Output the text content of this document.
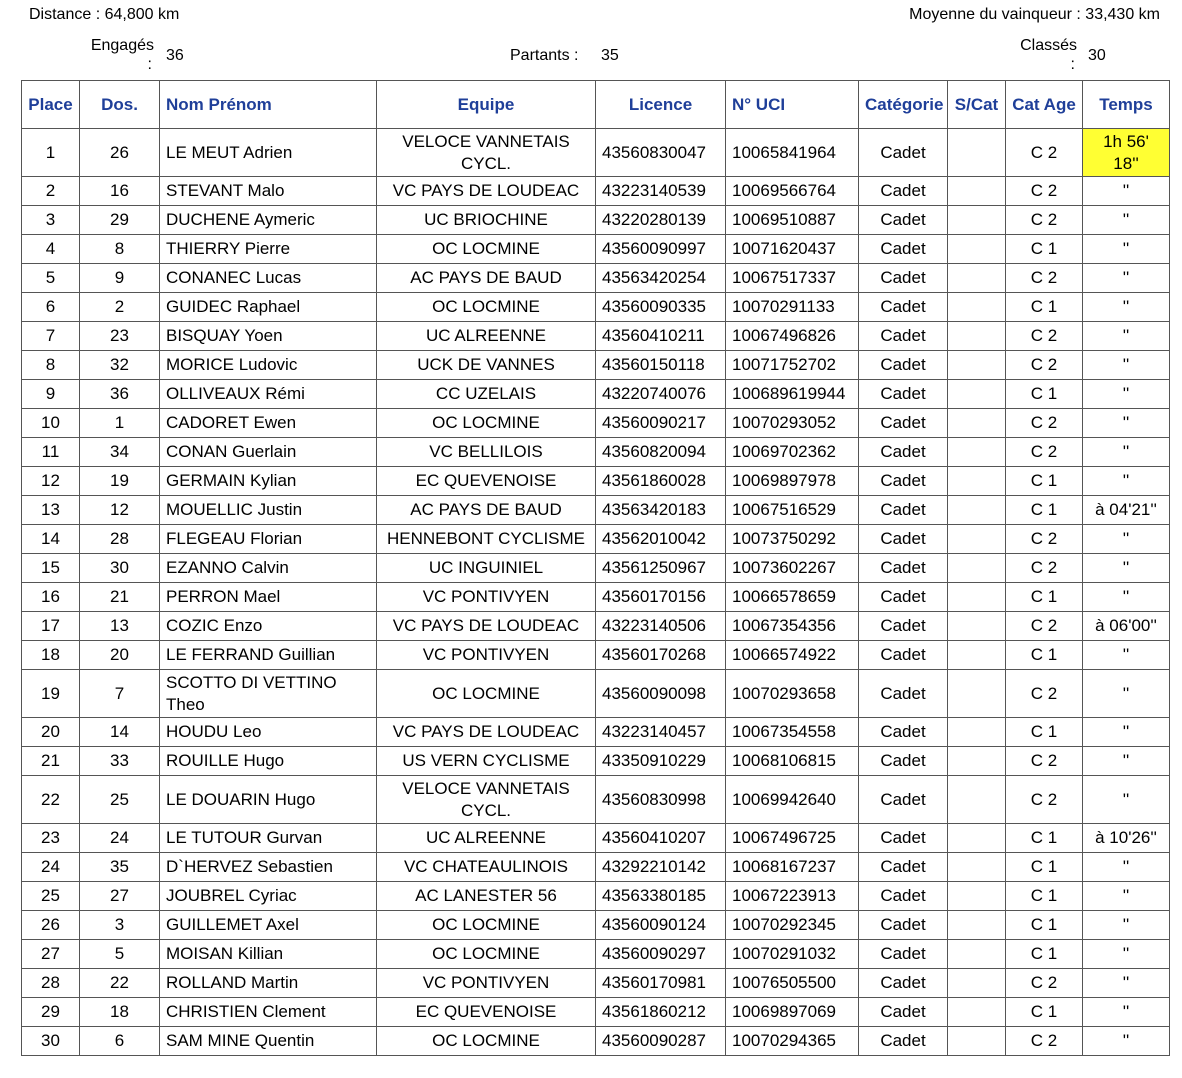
Distance : 64,800 km	Moyenne du vainqueur : 33,430 km
Engagés
:
36	Partants : 35
Classés
:
30
Place	Dos.	Nom Prénom	Equipe	Licence	N° UCI	Catégorie	S/Cat	Cat Age	Temps
1	26	LE MEUT Adrien	VELOCE VANNETAIS CYCL.	43560830047	10065841964	Cadet		C 2	1h 56' 18''
2	16	STEVANT Malo	VC PAYS DE LOUDEAC	43223140539	10069566764	Cadet		C 2	''
3	29	DUCHENE Aymeric	UC BRIOCHINE	43220280139	10069510887	Cadet		C 2	''
4	8	THIERRY Pierre	OC LOCMINE	43560090997	10071620437	Cadet		C 1	''
5	9	CONANEC Lucas	AC PAYS DE BAUD	43563420254	10067517337	Cadet		C 2	''
6	2	GUIDEC Raphael	OC LOCMINE	43560090335	10070291133	Cadet		C 1	''
7	23	BISQUAY Yoen	UC ALREENNE	43560410211	10067496826	Cadet		C 2	''
8	32	MORICE Ludovic	UCK DE VANNES	43560150118	10071752702	Cadet		C 2	''
9	36	OLLIVEAUX Rémi	CC UZELAIS	43220740076	100689619944	Cadet		C 1	''
10	1	CADORET Ewen	OC LOCMINE	43560090217	10070293052	Cadet		C 2	''
11	34	CONAN Guerlain	VC BELLILOIS	43560820094	10069702362	Cadet		C 2	''
12	19	GERMAIN Kylian	EC QUEVENOISE	43561860028	10069897978	Cadet		C 1	''
13	12	MOUELLIC Justin	AC PAYS DE BAUD	43563420183	10067516529	Cadet		C 1	à 04'21''
14	28	FLEGEAU Florian	HENNEBONT CYCLISME	43562010042	10073750292	Cadet		C 2	''
15	30	EZANNO Calvin	UC INGUINIEL	43561250967	10073602267	Cadet		C 2	''
16	21	PERRON Mael	VC PONTIVYEN	43560170156	10066578659	Cadet		C 1	''
17	13	COZIC Enzo	VC PAYS DE LOUDEAC	43223140506	10067354356	Cadet		C 2	à 06'00''
18	20	LE FERRAND Guillian	VC PONTIVYEN	43560170268	10066574922	Cadet		C 1	''
19	7	SCOTTO DI VETTINO Theo	OC LOCMINE	43560090098	10070293658	Cadet		C 2	''
20	14	HOUDU Leo	VC PAYS DE LOUDEAC	43223140457	10067354558	Cadet		C 1	''
21	33	ROUILLE Hugo	US VERN CYCLISME	43350910229	10068106815	Cadet		C 2	''
22	25	LE DOUARIN Hugo	VELOCE VANNETAIS CYCL.	43560830998	10069942640	Cadet		C 2	''
23	24	LE TUTOUR Gurvan	UC ALREENNE	43560410207	10067496725	Cadet		C 1	à 10'26''
24	35	D`HERVEZ Sebastien	VC CHATEAULINOIS	43292210142	10068167237	Cadet		C 1	''
25	27	JOUBREL Cyriac	AC LANESTER 56	43563380185	10067223913	Cadet		C 1	''
26	3	GUILLEMET Axel	OC LOCMINE	43560090124	10070292345	Cadet		C 1	''
27	5	MOISAN Killian	OC LOCMINE	43560090297	10070291032	Cadet		C 1	''
28	22	ROLLAND Martin	VC PONTIVYEN	43560170981	10076505500	Cadet		C 2	''
29	18	CHRISTIEN Clement	EC QUEVENOISE	43561860212	10069897069	Cadet		C 1	''
30	6	SAM MINE Quentin	OC LOCMINE	43560090287	10070294365	Cadet		C 2	''
